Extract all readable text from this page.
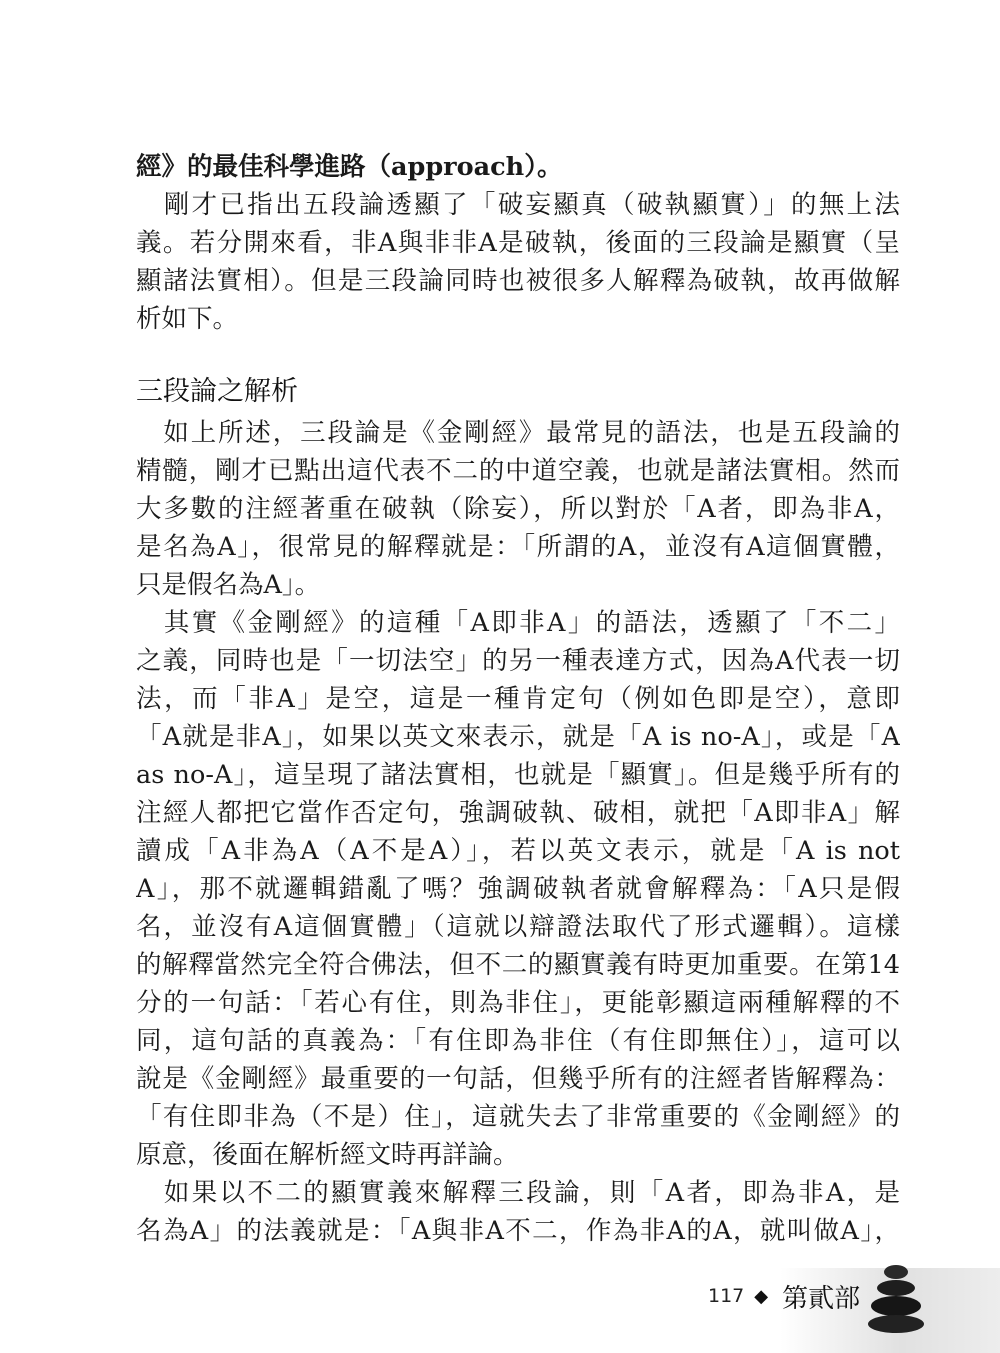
經》的最佳科學進路（approach）。
　剛才已指出五段論透顯了「破妄顯真（破執顯實）」的無上法
義。若分開來看，非A與非非A是破執，後面的三段論是顯實（呈
顯諸法實相）。但是三段論同時也被很多人解釋為破執，故再做解
析如下。
三段論之解析
　如上所述，三段論是《金剛經》最常見的語法，也是五段論的
精髓，剛才已點出這代表不二的中道空義，也就是諸法實相。然而
大多數的注經著重在破執（除妄），所以對於「A者，即為非A，
是名為A」，很常見的解釋就是：「所謂的A，並沒有A這個實體，
只是假名為A」。
　其實《金剛經》的這種「A即非A」的語法，透顯了「不二」
之義，同時也是「一切法空」的另一種表達方式，因為A代表一切
法，而「非A」是空，這是一種肯定句（例如色即是空），意即
「A就是非A」，如果以英文來表示，就是「A is no-A」，或是「A
as no-A」，這呈現了諸法實相，也就是「顯實」。但是幾乎所有的
注經人都把它當作否定句，強調破執、破相，就把「A即非A」解
讀成「A非為A（A不是A）」，若以英文表示，就是「A is not
A」，那不就邏輯錯亂了嗎？強調破執者就會解釋為：「A只是假
名，並沒有A這個實體」（這就以辯證法取代了形式邏輯）。這樣
的解釋當然完全符合佛法，但不二的顯實義有時更加重要。在第14
分的一句話：「若心有住，則為非住」，更能彰顯這兩種解釋的不
同，這句話的真義為：「有住即為非住（有住即無住）」，這可以
說是《金剛經》最重要的一句話，但幾乎所有的注經者皆解釋為：
「有住即非為（不是）住」，這就失去了非常重要的《金剛經》的
原意，後面在解析經文時再詳論。
　如果以不二的顯實義來解釋三段論，則「A者，即為非A，是
名為A」的法義就是：「A與非A不二，作為非A的A，就叫做A」，
117 ◆ 第貳部
